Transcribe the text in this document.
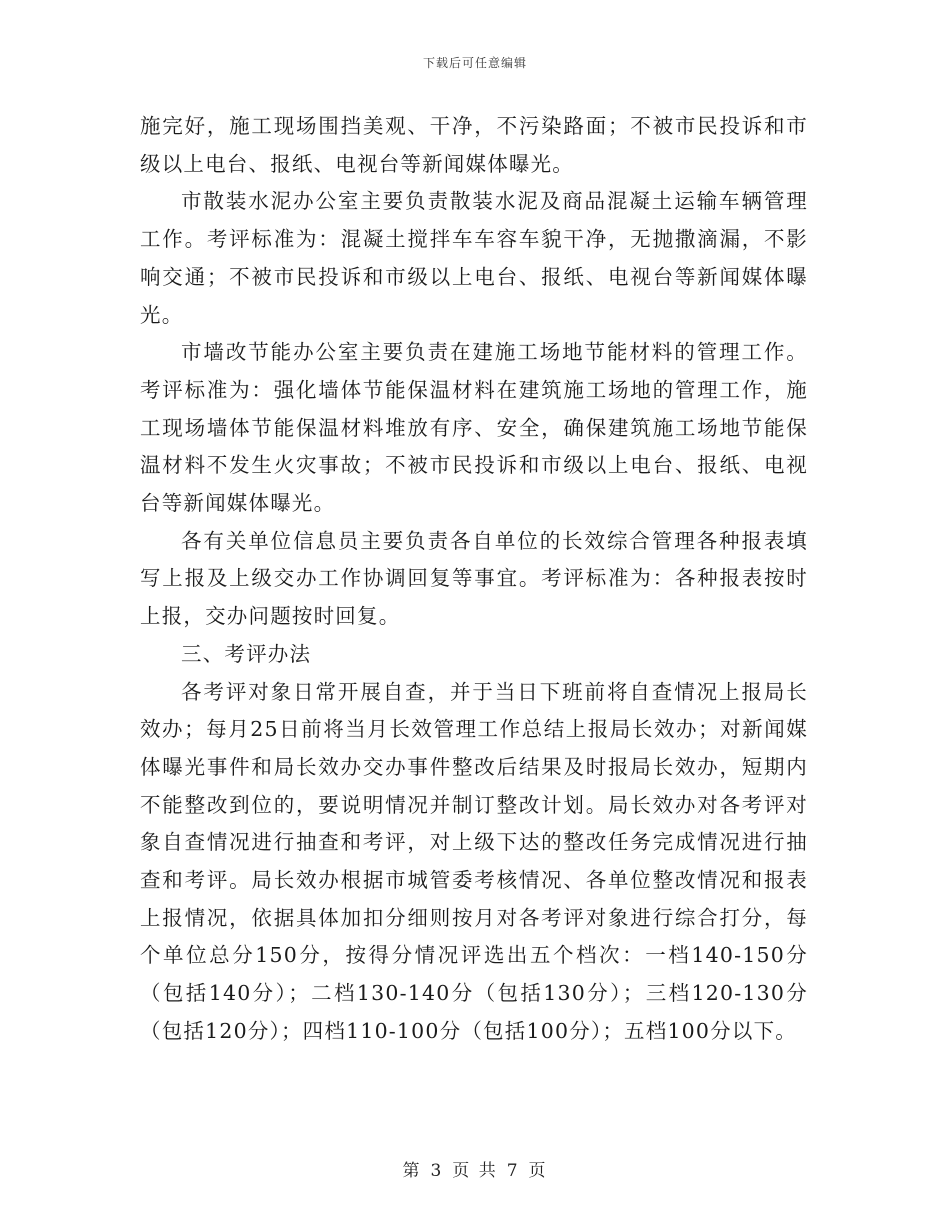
下载后可任意编辑

施完好，施工现场围挡美观、干净，不污染路面；不被市民投诉和市级以上电台、报纸、电视台等新闻媒体曝光。

市散装水泥办公室主要负责散装水泥及商品混凝土运输车辆管理工作。考评标准为：混凝土搅拌车车容车貌干净，无抛撒滴漏，不影响交通；不被市民投诉和市级以上电台、报纸、电视台等新闻媒体曝光。

市墙改节能办公室主要负责在建施工场地节能材料的管理工作。考评标准为：强化墙体节能保温材料在建筑施工场地的管理工作，施工现场墙体节能保温材料堆放有序、安全，确保建筑施工场地节能保温材料不发生火灾事故；不被市民投诉和市级以上电台、报纸、电视台等新闻媒体曝光。

各有关单位信息员主要负责各自单位的长效综合管理各种报表填写上报及上级交办工作协调回复等事宜。考评标准为：各种报表按时上报，交办问题按时回复。

三、考评办法

各考评对象日常开展自查，并于当日下班前将自查情况上报局长效办；每月25日前将当月长效管理工作总结上报局长效办；对新闻媒体曝光事件和局长效办交办事件整改后结果及时报局长效办，短期内不能整改到位的，要说明情况并制订整改计划。局长效办对各考评对象自查情况进行抽查和考评，对上级下达的整改任务完成情况进行抽查和考评。局长效办根据市城管委考核情况、各单位整改情况和报表上报情况，依据具体加扣分细则按月对各考评对象进行综合打分，每个单位总分150分，按得分情况评选出五个档次：一档140-150分（包括140分）；二档130-140分（包括130分）；三档120-130分（包括120分）；四档110-100分（包括100分）；五档100分以下。

第 3 页 共 7 页
